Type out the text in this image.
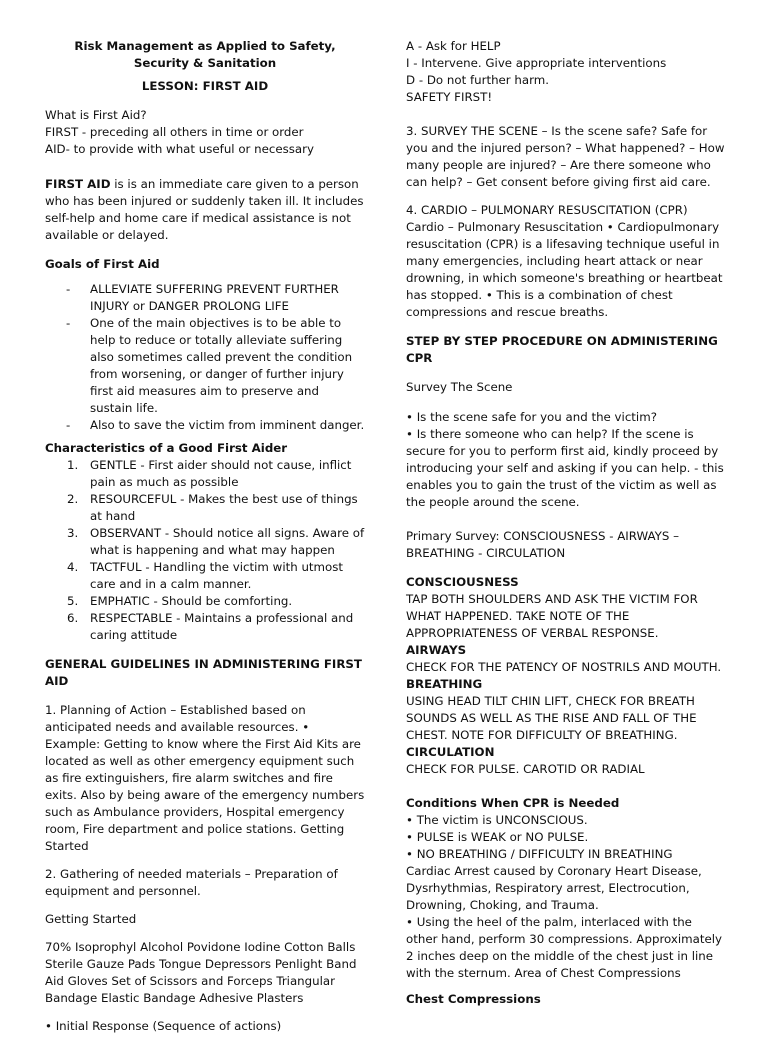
Risk Management as Applied to Safety, Security & Sanitation

LESSON: FIRST AID

What is First Aid?
FIRST - preceding all others in time or order
AID- to provide with what useful or necessary

FIRST AID is is an immediate care given to a person who has been injured or suddenly taken ill. It includes self-help and home care if medical assistance is not available or delayed.

Goals of First Aid

- ALLEVIATE SUFFERING PREVENT FURTHER INJURY or DANGER PROLONG LIFE
- One of the main objectives is to be able to help to reduce or totally alleviate suffering also sometimes called prevent the condition from worsening, or danger of further injury first aid measures aim to preserve and sustain life.
- Also to save the victim from imminent danger.

Characteristics of a Good First Aider

1. GENTLE - First aider should not cause, inflict pain as much as possible
2. RESOURCEFUL - Makes the best use of things at hand
3. OBSERVANT - Should notice all signs. Aware of what is happening and what may happen
4. TACTFUL - Handling the victim with utmost care and in a calm manner.
5. EMPHATIC - Should be comforting.
6. RESPECTABLE - Maintains a professional and caring attitude

GENERAL GUIDELINES IN ADMINISTERING FIRST AID

1. Planning of Action – Established based on anticipated needs and available resources. • Example: Getting to know where the First Aid Kits are located as well as other emergency equipment such as fire extinguishers, fire alarm switches and fire exits. Also by being aware of the emergency numbers such as Ambulance providers, Hospital emergency room, Fire department and police stations. Getting Started

2. Gathering of needed materials – Preparation of equipment and personnel.

Getting Started

70% Isoprophyl Alcohol Povidone Iodine Cotton Balls Sterile Gauze Pads Tongue Depressors Penlight Band Aid Gloves Set of Scissors and Forceps Triangular Bandage Elastic Bandage Adhesive Plasters

• Initial Response (Sequence of actions)

A - Ask for HELP
I - Intervene. Give appropriate interventions
D - Do not further harm.
SAFETY FIRST!

3. SURVEY THE SCENE – Is the scene safe? Safe for you and the injured person? – What happened? – How many people are injured? – Are there someone who can help? – Get consent before giving first aid care.

4. CARDIO – PULMONARY RESUSCITATION (CPR) Cardio – Pulmonary Resuscitation • Cardiopulmonary resuscitation (CPR) is a lifesaving technique useful in many emergencies, including heart attack or near drowning, in which someone's breathing or heartbeat has stopped. • This is a combination of chest compressions and rescue breaths.

STEP BY STEP PROCEDURE ON ADMINISTERING CPR

Survey The Scene

• Is the scene safe for you and the victim?
• Is there someone who can help? If the scene is secure for you to perform first aid, kindly proceed by introducing your self and asking if you can help. - this enables you to gain the trust of the victim as well as the people around the scene.

Primary Survey: CONSCIOUSNESS - AIRWAYS – BREATHING - CIRCULATION

CONSCIOUSNESS
TAP BOTH SHOULDERS AND ASK THE VICTIM FOR WHAT HAPPENED. TAKE NOTE OF THE APPROPRIATENESS OF VERBAL RESPONSE.
AIRWAYS
CHECK FOR THE PATENCY OF NOSTRILS AND MOUTH.
BREATHING
USING HEAD TILT CHIN LIFT, CHECK FOR BREATH SOUNDS AS WELL AS THE RISE AND FALL OF THE CHEST. NOTE FOR DIFFICULTY OF BREATHING.
CIRCULATION
CHECK FOR PULSE. CAROTID OR RADIAL
Conditions When CPR is Needed
• The victim is UNCONSCIOUS.
• PULSE is WEAK or NO PULSE.
• NO BREATHING / DIFFICULTY IN BREATHING
Cardiac Arrest caused by Coronary Heart Disease, Dysrhythmias, Respiratory arrest, Electrocution, Drowning, Choking, and Trauma.
• Using the heel of the palm, interlaced with the other hand, perform 30 compressions. Approximately 2 inches deep on the middle of the chest just in line with the sternum. Area of Chest Compressions

Chest Compressions
